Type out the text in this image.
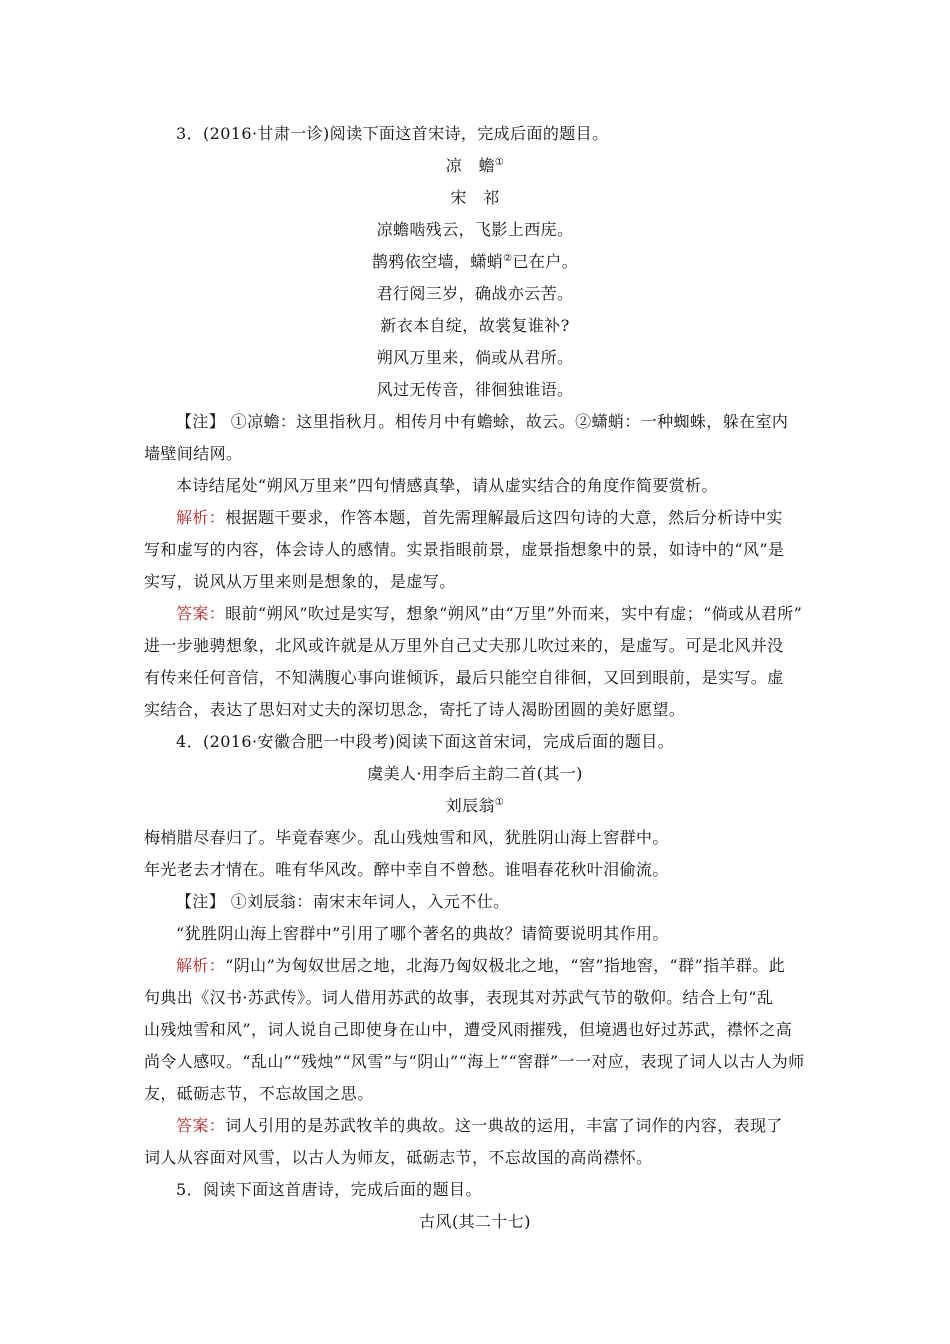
3．(2016·甘肃一诊)阅读下面这首宋诗，完成后面的题目。
凉　蟾①
宋　祁
凉蟾啮残云，飞影上西庑。
鹊鸦依空墙，蟏蛸②已在户。
君行阅三岁，确战亦云苦。
新衣本自绽，故裳复谁补?
朔风万里来，倘或从君所。
风过无传音，徘徊独谁语。
【注】 ①凉蟾：这里指秋月。相传月中有蟾蜍，故云。②蟏蛸：一种蜘蛛，躲在室内
墙壁间结网。
本诗结尾处“朔风万里来”四句情感真挚，请从虚实结合的角度作简要赏析。
解析：根据题干要求，作答本题，首先需理解最后这四句诗的大意，然后分析诗中实
写和虚写的内容，体会诗人的感情。实景指眼前景，虚景指想象中的景，如诗中的“风”是
实写，说风从万里来则是想象的，是虚写。
答案：眼前“朔风”吹过是实写，想象“朔风”由“万里”外而来，实中有虚；“倘或从君所”
进一步驰骋想象，北风或许就是从万里外自己丈夫那儿吹过来的，是虚写。可是北风并没
有传来任何音信，不知满腹心事向谁倾诉，最后只能空自徘徊，又回到眼前，是实写。虚
实结合，表达了思妇对丈夫的深切思念，寄托了诗人渴盼团圆的美好愿望。
4．(2016·安徽合肥一中段考)阅读下面这首宋词，完成后面的题目。
虞美人·用李后主韵二首(其一)
刘辰翁①
梅梢腊尽春归了。毕竟春寒少。乱山残烛雪和风，犹胜阴山海上窖群中。
年光老去才情在。唯有华风改。醉中幸自不曾愁。谁唱春花秋叶泪偷流。
【注】 ①刘辰翁：南宋末年词人，入元不仕。
“犹胜阴山海上窖群中”引用了哪个著名的典故？请简要说明其作用。
解析：“阴山”为匈奴世居之地，北海乃匈奴极北之地，“窖”指地窖，“群”指羊群。此
句典出《汉书·苏武传》。词人借用苏武的故事，表现其对苏武气节的敬仰。结合上句“乱
山残烛雪和风”，词人说自己即使身在山中，遭受风雨摧残，但境遇也好过苏武，襟怀之高
尚令人感叹。“乱山”“残烛”“风雪”与“阴山”“海上”“窖群”一一对应，表现了词人以古人为师
友，砥砺志节，不忘故国之思。
答案：词人引用的是苏武牧羊的典故。这一典故的运用，丰富了词作的内容，表现了
词人从容面对风雪，以古人为师友，砥砺志节，不忘故国的高尚襟怀。
5．阅读下面这首唐诗，完成后面的题目。
古风(其二十七)
